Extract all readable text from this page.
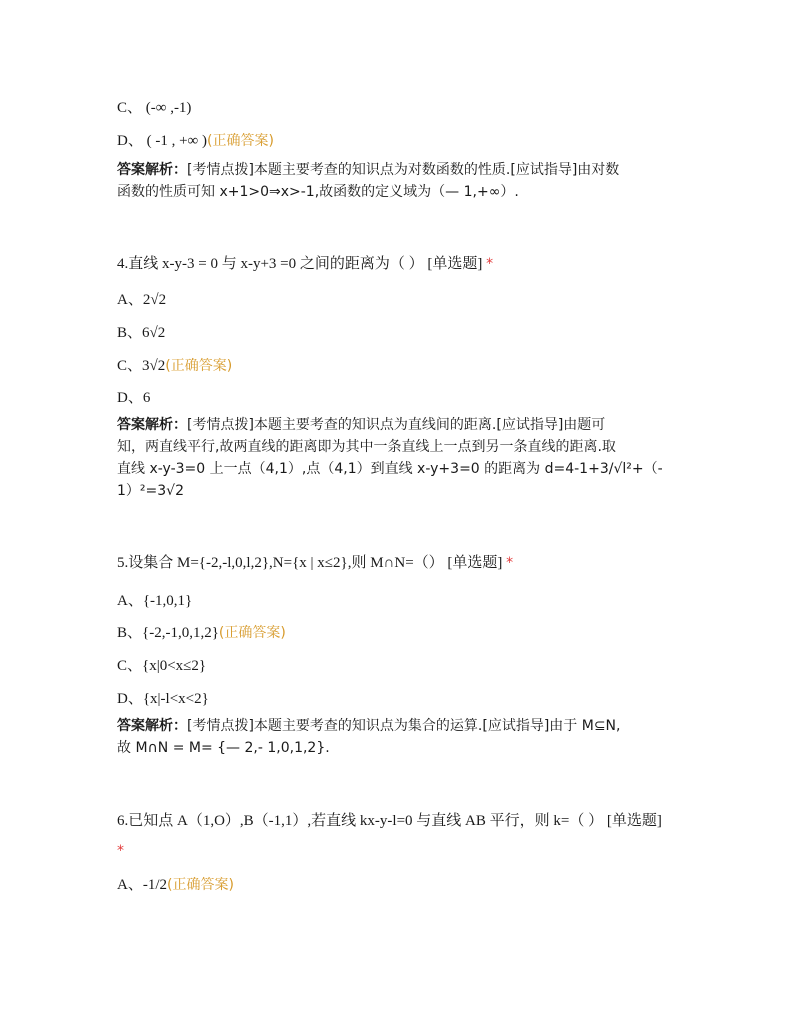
C、 (-∞ ,-1)
D、 ( -1 , +∞ )(正确答案)
答案解析：[考情点拨]本题主要考查的知识点为对数函数的性质.[应试指导]由对数
函数的性质可知 x+1>0⇒x>-1,故函数的定义域为（— 1,+∞）.
4.直线 x-y-3 = 0 与 x-y+3 =0 之间的距离为（ ） [单选题] *
A、2√2
B、6√2
C、3√2(正确答案)
D、6
答案解析：[考情点拨]本题主要考查的知识点为直线间的距离.[应试指导]由题可
知，两直线平行,故两直线的距离即为其中一条直线上一点到另一条直线的距离.取
直线 x-y-3=0 上一点（4,1）,点（4,1）到直线 x-y+3=0 的距离为 d=4-1+3/√l²+（-
1）²=3√2
5.设集合 M={-2,-l,0,l,2},N={x | x≤2},则 M∩N=（） [单选题] *
A、{-1,0,1}
B、{-2,-1,0,1,2}(正确答案)
C、{x|0<x≤2}
D、{x|-l<x<2}
答案解析：[考情点拨]本题主要考查的知识点为集合的运算.[应试指导]由于 M⊆N,
故 M∩N = M= {— 2,- 1,0,1,2}.
6.已知点 A（1,O）,B（-1,1）,若直线 kx-y-l=0 与直线 AB 平行，则 k=（ ） [单选题]
*
A、-1/2(正确答案)
